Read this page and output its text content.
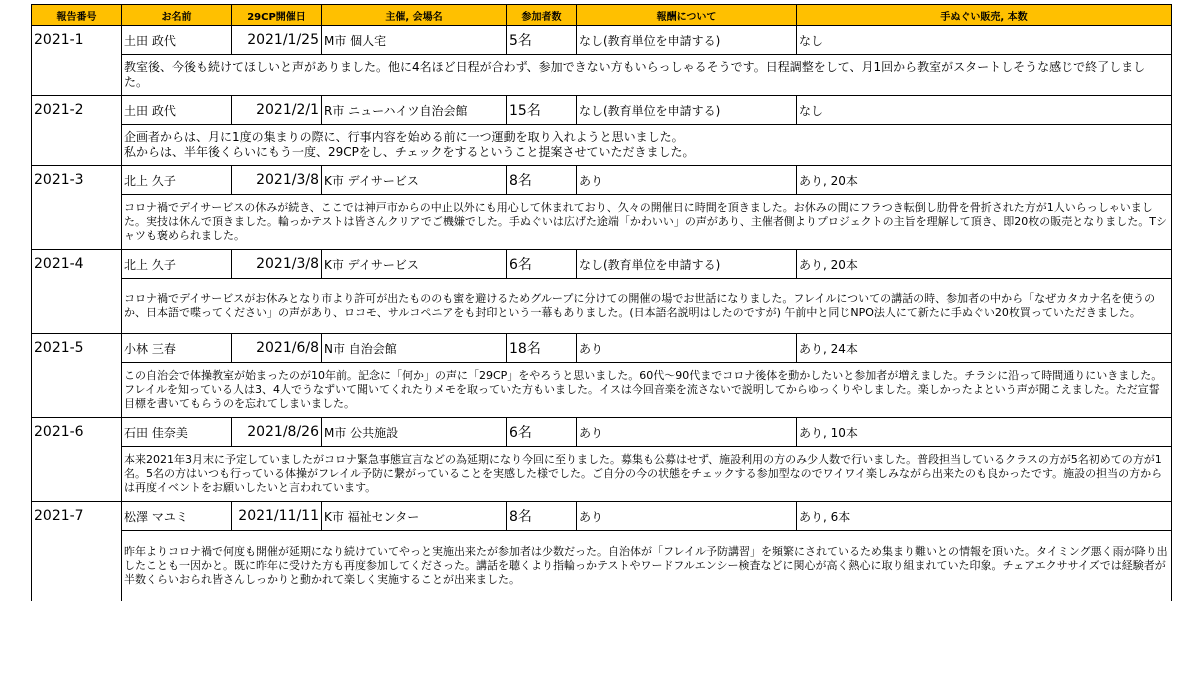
報告番号	お名前	29CP開催日	主催, 会場名	参加者数	報酬について	手ぬぐい販売, 本数
2021-1	土田 政代	2021/1/25	M市 個人宅	5名	なし(教育単位を申請する)	なし
	教室後、今後も続けてほしいと声がありました。他に4名ほど日程が合わず、参加できない方もいらっしゃるそうです。日程調整をして、月1回から教室がスタートしそうな感じで終了しました。					
2021-2	土田 政代	2021/2/1	R市 ニューハイツ自治会館	15名	なし(教育単位を申請する)	なし
	企画者からは、月に1度の集まりの際に、行事内容を始める前に一つ運動を取り入れようと思いました。
私からは、半年後くらいにもう一度、29CPをし、チェックをするということ提案させていただきました。					
2021-3	北上 久子	2021/3/8	K市 デイサービス	8名	あり	あり, 20本
	コロナ禍でデイサービスの休みが続き、ここでは神戸市からの中止以外にも用心して休まれており、久々の開催日に時間を頂きました。お休みの間にフラつき転倒し肋骨を骨折された方が1人いらっしゃいました。実技は休んで頂きました。輪っかテストは皆さんクリアでご機嫌でした。手ぬぐいは広げた途端「かわいい」の声があり、主催者側よりプロジェクトの主旨を理解して頂き、即20枚の販売となりました。Tシャツも褒められました。					
2021-4	北上 久子	2021/3/8	K市 デイサービス	6名	なし(教育単位を申請する)	あり, 20本
	コロナ禍でデイサービスがお休みとなり市より許可が出たもののも蜜を避けるためグループに分けての開催の場でお世話になりました。フレイルについての講話の時、参加者の中から「なぜカタカナ名を使うのか、日本語で喋ってください」の声があり、ロコモ、サルコペニアをも封印という一幕もありました。(日本語名説明はしたのですが) 午前中と同じNPO法人にて新たに手ぬぐい20枚買っていただきました。					
2021-5	小林 三春	2021/6/8	N市 自治会館	18名	あり	あり, 24本
	この自治会で体操教室が始まったのが10年前。記念に「何か」の声に「29CP」をやろうと思いました。60代～90代までコロナ後体を動かしたいと参加者が増えました。チラシに沿って時間通りにいきました。フレイルを知っている人は3、4人でうなずいて聞いてくれたりメモを取っていた方もいました。イスは今回音楽を流さないで説明してからゆっくりやしました。楽しかったよという声が聞こえました。ただ宣誓目標を書いてもらうのを忘れてしまいました。					
2021-6	石田 佳奈美	2021/8/26	M市 公共施設	6名	あり	あり, 10本
	本来2021年3月末に予定していましたがコロナ緊急事態宣言などの為延期になり今回に至りました。募集も公募はせず、施設利用の方のみ少人数で行いました。普段担当しているクラスの方が5名初めての方が1名。5名の方はいつも行っている体操がフレイル予防に繋がっていることを実感した様でした。ご自分の今の状態をチェックする参加型なのでワイワイ楽しみながら出来たのも良かったです。施設の担当の方からは再度イベントをお願いしたいと言われています。					
2021-7	松澤 マユミ	2021/11/11	K市 福祉センター	8名	あり	あり, 6本
	昨年よりコロナ禍で何度も開催が延期になり続けていてやっと実施出来たが参加者は少数だった。自治体が「フレイル予防講習」を頻繁にされているため集まり難いとの情報を頂いた。タイミング悪く雨が降り出したことも一因かと。既に昨年に受けた方も再度参加してくださった。講話を聴くより指輪っかテストやワードフルエンシー検査などに関心が高く熱心に取り組まれていた印象。チェアエクササイズでは経験者が半数くらいおられ皆さんしっかりと動かれて楽しく実施することが出来ました。					
